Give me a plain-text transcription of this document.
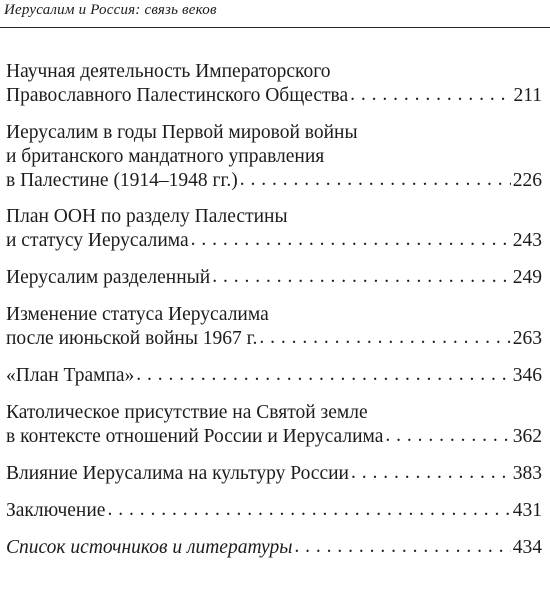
Иерусалим и Россия: связь веков
Научная деятельность Императорского
Православного Палестинского Общества . . .	211
Иерусалим в годы Первой мировой войны
и британского мандатного управления
в Палестине (1914–1948 гг.) . . .	226
План ООН по разделу Палестины
и статусу Иерусалима . . .	243
Иерусалим разделенный . . .	249
Изменение статуса Иерусалима
после июньской войны 1967 г. . . .	263
«План Трампа» . . .	346
Католическое присутствие на Святой земле
в контексте отношений России и Иерусалима . . .	362
Влияние Иерусалима на культуру России . . .	383
Заключение . . .	431
Список источников и литературы . . .	434
